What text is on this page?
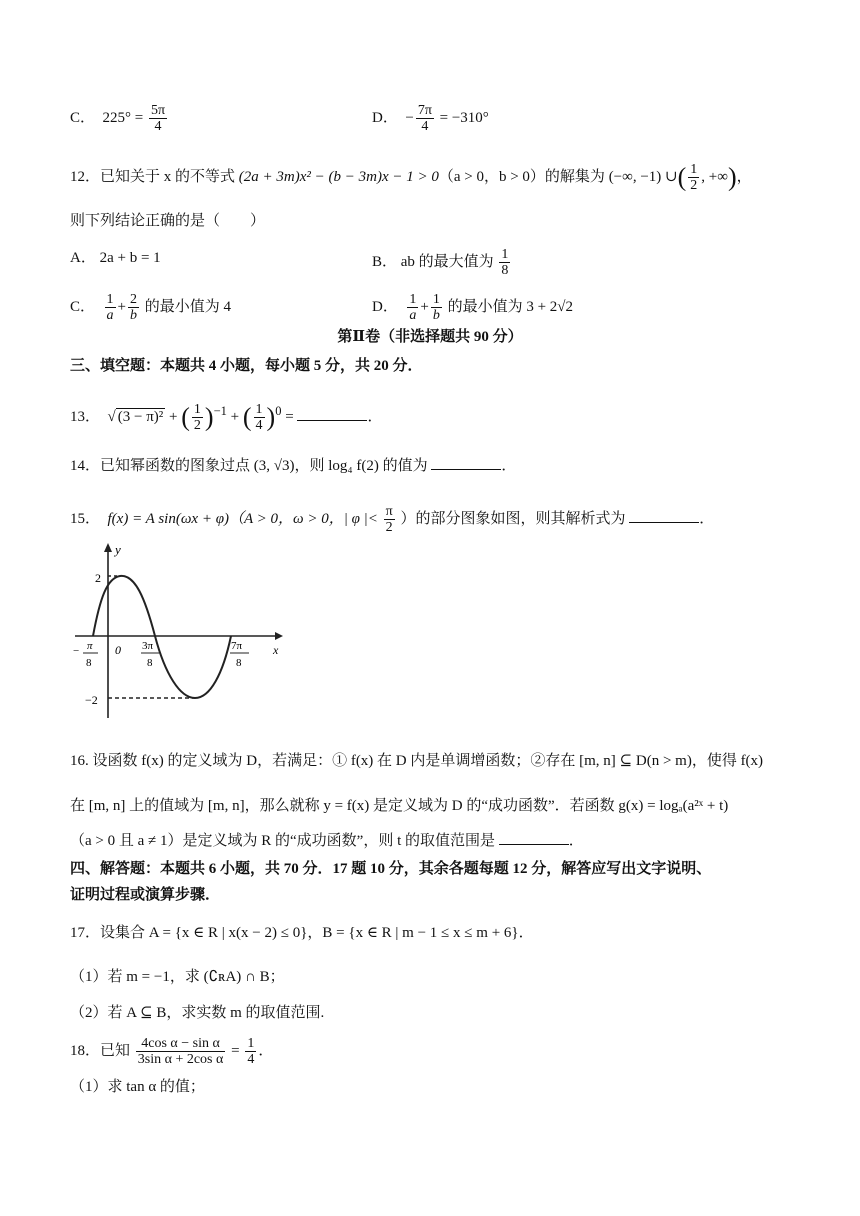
C． $225^\circ = \frac{5\pi}{4}$	D． − $\frac{7\pi}{4} = -310^\circ$
12．已知关于 x 的不等式 (2a + 3m)x² − (b − 3m)x − 1 > 0（a > 0，b > 0）的解集为 (−∞, −1) ∪( $\frac{1}{2}$ , +∞)，
则下列结论正确的是（　　）
A． 2a + b = 1	B． ab 的最大值为 $\frac{1}{8}$
C． $\frac{1}{a} + \frac{2}{b}$ 的最小值为 4	D． $\frac{1}{a} + \frac{1}{b}$ 的最小值为 3 + 2√2
第Ⅱ卷（非选择题共 90 分）
三、填空题：本题共 4 小题，每小题 5 分，共 20 分．
13． √ (3 − π)² + ( $\frac{1}{2} )^{-1}$ + ( $\frac{1}{4} )^0$ =	．
14．已知幂函数的图象过点 (3, √3)，则 log₄ f(2) 的值为	．
15． f(x) = A sin(ωx + φ)（A > 0，ω > 0，| φ |< $\frac{\pi}{2}$ ）的部分图象如图，则其解析式为	．
y
x
2
−2
0
− π
8
3π
8
7π
8
16. 设函数 f(x) 的定义域为 D，若满足：① f(x) 在 D 内是单调增函数；②存在 [m, n] ⊆ D(n > m)，使得 f(x)
在 [m, n] 上的值域为 [m, n]，那么就称 y = f(x) 是定义域为 D 的“成功函数”．若函数 g(x) = logₐ(a²ˣ + t)
（a > 0 且 a ≠ 1）是定义域为 R 的“成功函数”，则 t 的取值范围是	．
四、解答题：本题共 6 小题，共 70 分．17 题 10 分，其余各题每题 12 分，解答应写出文字说明、
证明过程或演算步骤．
17．设集合 A = {x ∈ R | x(x − 2) ≤ 0}，B = {x ∈ R | m − 1 ≤ x ≤ m + 6}．
（1）若 m = −1，求 (∁ʀA) ∩ B；
（2）若 A ⊆ B，求实数 m 的取值范围.
18．已知 $\frac{\text{4cos α − sin α}}{\text{3sin α + 2cos α}} = \frac{1}{4}$ ．
（1）求 tan α 的值；
